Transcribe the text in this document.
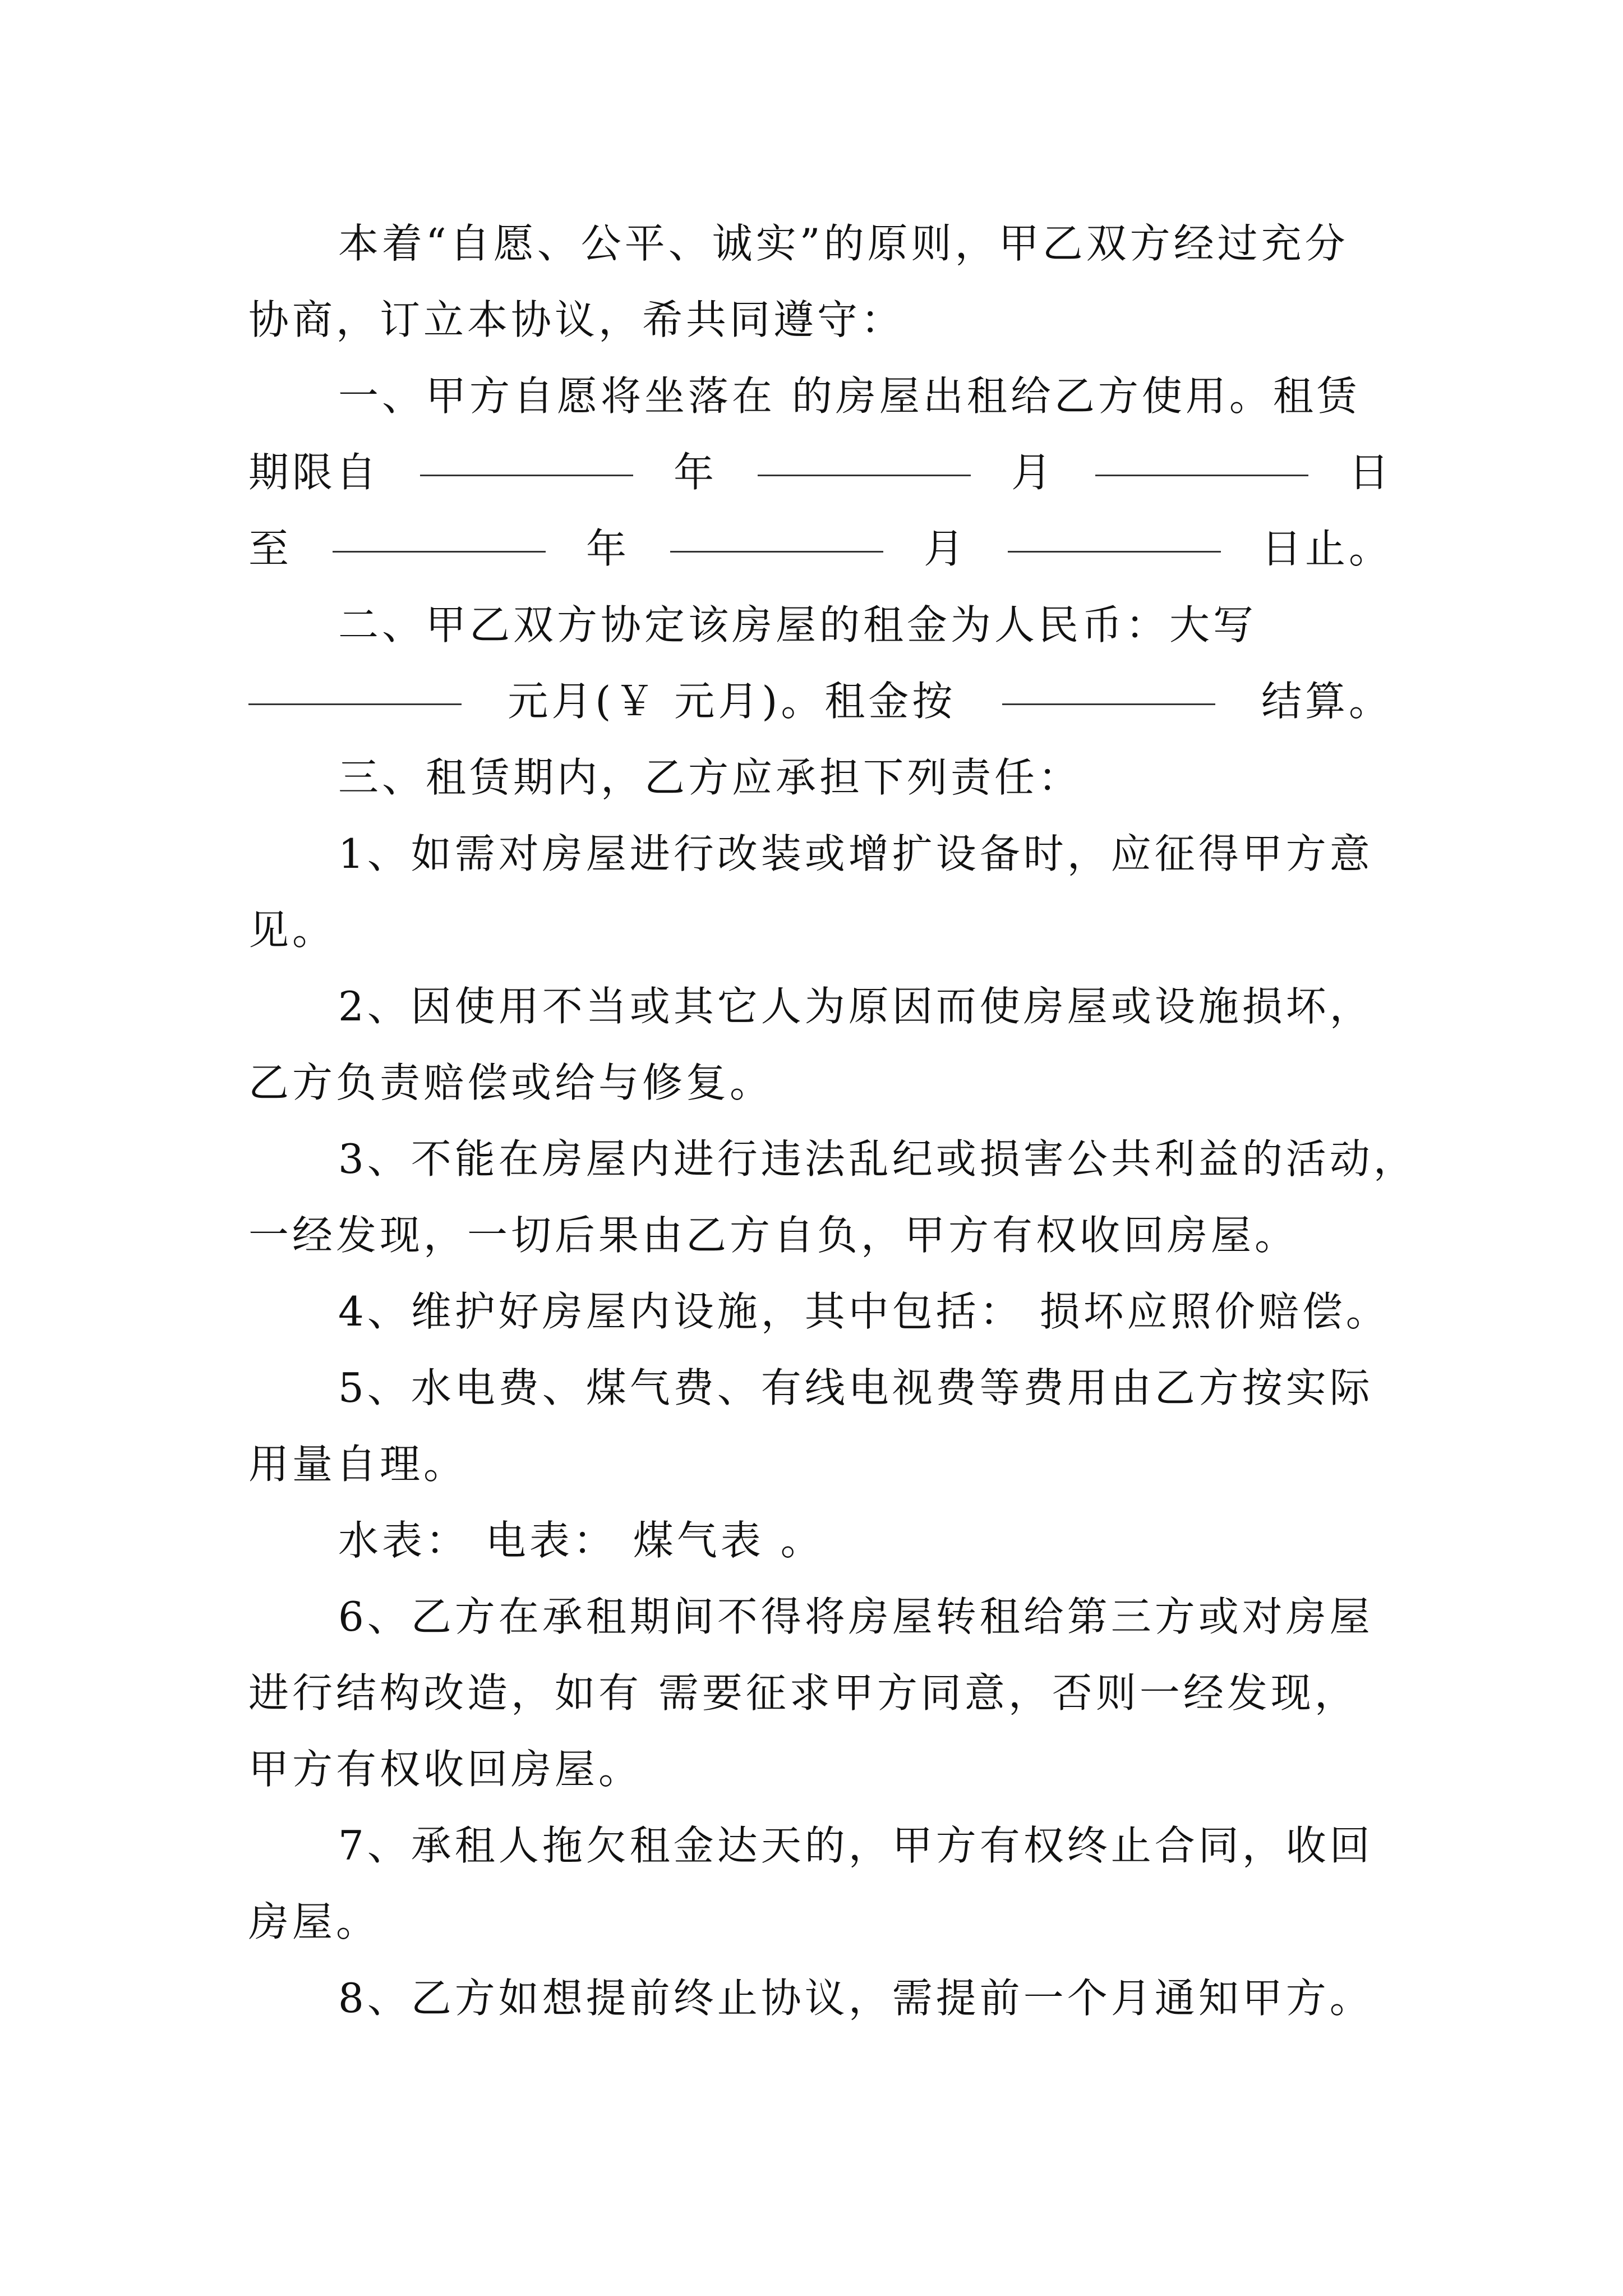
本着“自愿、公平、诚实”的原则，甲乙双方经过充分
协商，订立本协议，希共同遵守：
一、甲方自愿将坐落在 的房屋出租给乙方使用。租赁
期限自	年	月	日
至	年	月	日止。
二、甲乙双方协定该房屋的租金为人民币：大写
元月(￥ 元月)。租金按	结算。
三、租赁期内，乙方应承担下列责任：
1、如需对房屋进行改装或增扩设备时，应征得甲方意
见。
2、因使用不当或其它人为原因而使房屋或设施损坏，
乙方负责赔偿或给与修复。
3、不能在房屋内进行违法乱纪或损害公共利益的活动，
一经发现，一切后果由乙方自负，甲方有权收回房屋。
4、维护好房屋内设施，其中包括： 损坏应照价赔偿。
5、水电费、煤气费、有线电视费等费用由乙方按实际
用量自理。
水表： 电表： 煤气表 。
6、乙方在承租期间不得将房屋转租给第三方或对房屋
进行结构改造，如有 需要征求甲方同意，否则一经发现，
甲方有权收回房屋。
7、承租人拖欠租金达天的，甲方有权终止合同，收回
房屋。
8、乙方如想提前终止协议，需提前一个月通知甲方。
